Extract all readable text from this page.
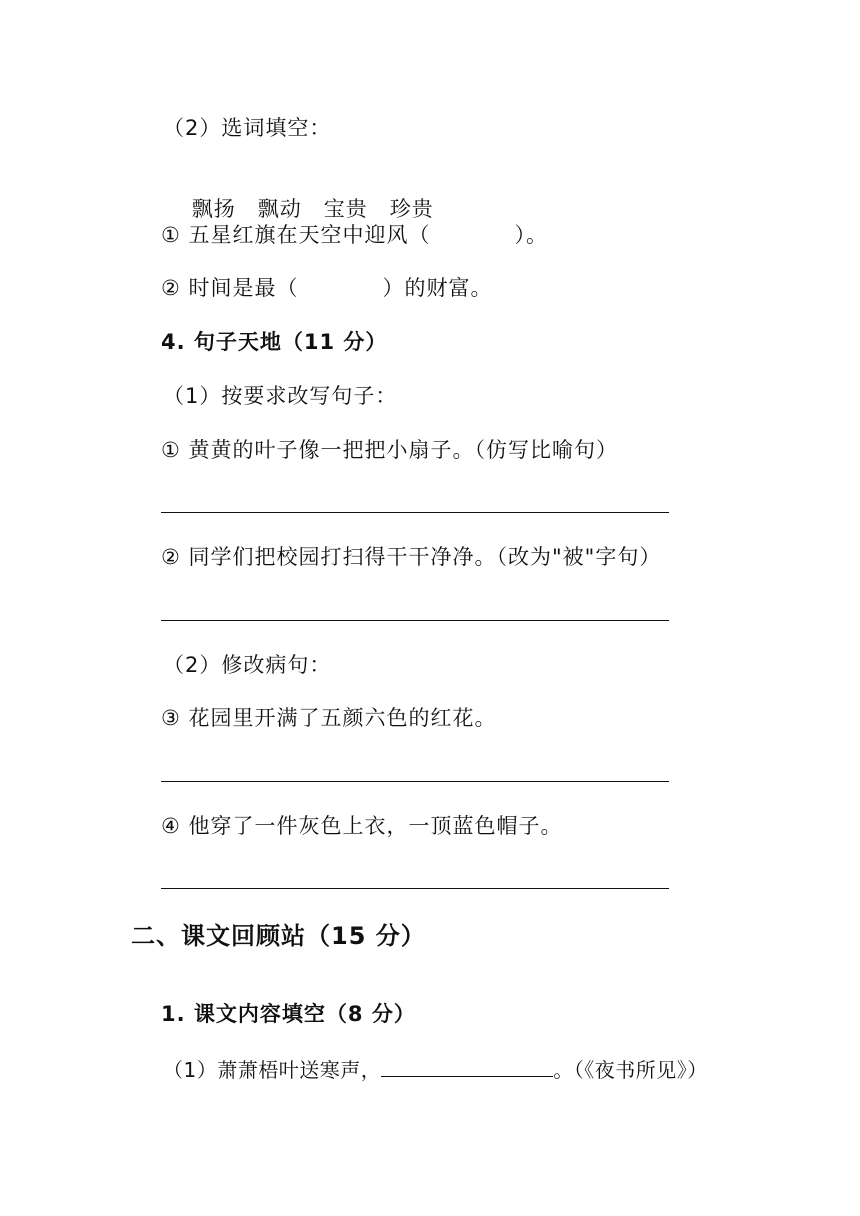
（2）选词填空：

飘扬 飘动 宝贵 珍贵

① 五星红旗在天空中迎风（	）。
② 时间是最（	）的财富。
4. 句子天地（11 分）
（1）按要求改写句子：
① 黄黄的叶子像一把把小扇子。（仿写比喻句）
② 同学们把校园打扫得干干净净。（改为"被"字句）
（2）修改病句：
③ 花园里开满了五颜六色的红花。
④ 他穿了一件灰色上衣，一顶蓝色帽子。
二、课文回顾站（15 分）
1. 课文内容填空（8 分）
（1）萧萧梧叶送寒声，	。（《夜书所见》）
